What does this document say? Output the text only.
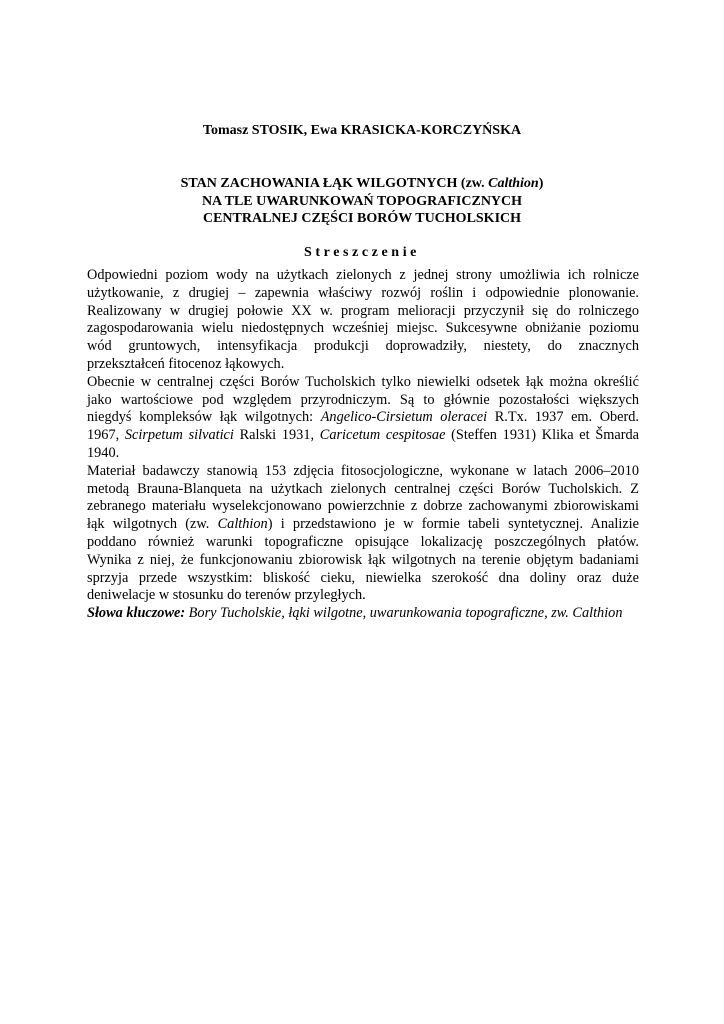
Tomasz STOSIK, Ewa KRASICKA-KORCZYŃSKA
STAN ZACHOWANIA ŁĄK WILGOTNYCH (zw. Calthion)
NA TLE UWARUNKOWAŃ TOPOGRAFICZNYCH
CENTRALNEJ CZĘŚCI BORÓW TUCHOLSKICH
Streszczenie
Odpowiedni poziom wody na użytkach zielonych z jednej strony umożliwia ich rolnicze
użytkowanie, z drugiej – zapewnia właściwy rozwój roślin i odpowiednie plonowanie.
Realizowany w drugiej połowie XX w. program melioracji przyczynił się do rolniczego
zagospodarowania wielu niedostępnych wcześniej miejsc. Sukcesywne obniżanie poziomu
wód gruntowych, intensyfikacja produkcji doprowadziły, niestety, do znacznych
przekształceń fitocenoz łąkowych.
Obecnie w centralnej części Borów Tucholskich tylko niewielki odsetek łąk można określić
jako wartościowe pod względem przyrodniczym. Są to głównie pozostałości większych
niegdyś kompleksów łąk wilgotnych: Angelico-Cirsietum oleracei R.Tx. 1937 em. Oberd.
1967, Scirpetum silvatici Ralski 1931, Caricetum cespitosae (Steffen 1931) Klika et Šmarda
1940.
Materiał badawczy stanowią 153 zdjęcia fitosocjologiczne, wykonane w latach 2006–2010
metodą Brauna-Blanqueta na użytkach zielonych centralnej części Borów Tucholskich. Z
zebranego materiału wyselekcjonowano powierzchnie z dobrze zachowanymi zbiorowiskami
łąk wilgotnych (zw. Calthion) i przedstawiono je w formie tabeli syntetycznej. Analizie
poddano również warunki topograficzne opisujące lokalizację poszczególnych płatów.
Wynika z niej, że funkcjonowaniu zbiorowisk łąk wilgotnych na terenie objętym badaniami
sprzyja przede wszystkim: bliskość cieku, niewielka szerokość dna doliny oraz duże
deniwelacje w stosunku do terenów przyległych.
Słowa kluczowe: Bory Tucholskie, łąki wilgotne, uwarunkowania topograficzne, zw. Calthion
